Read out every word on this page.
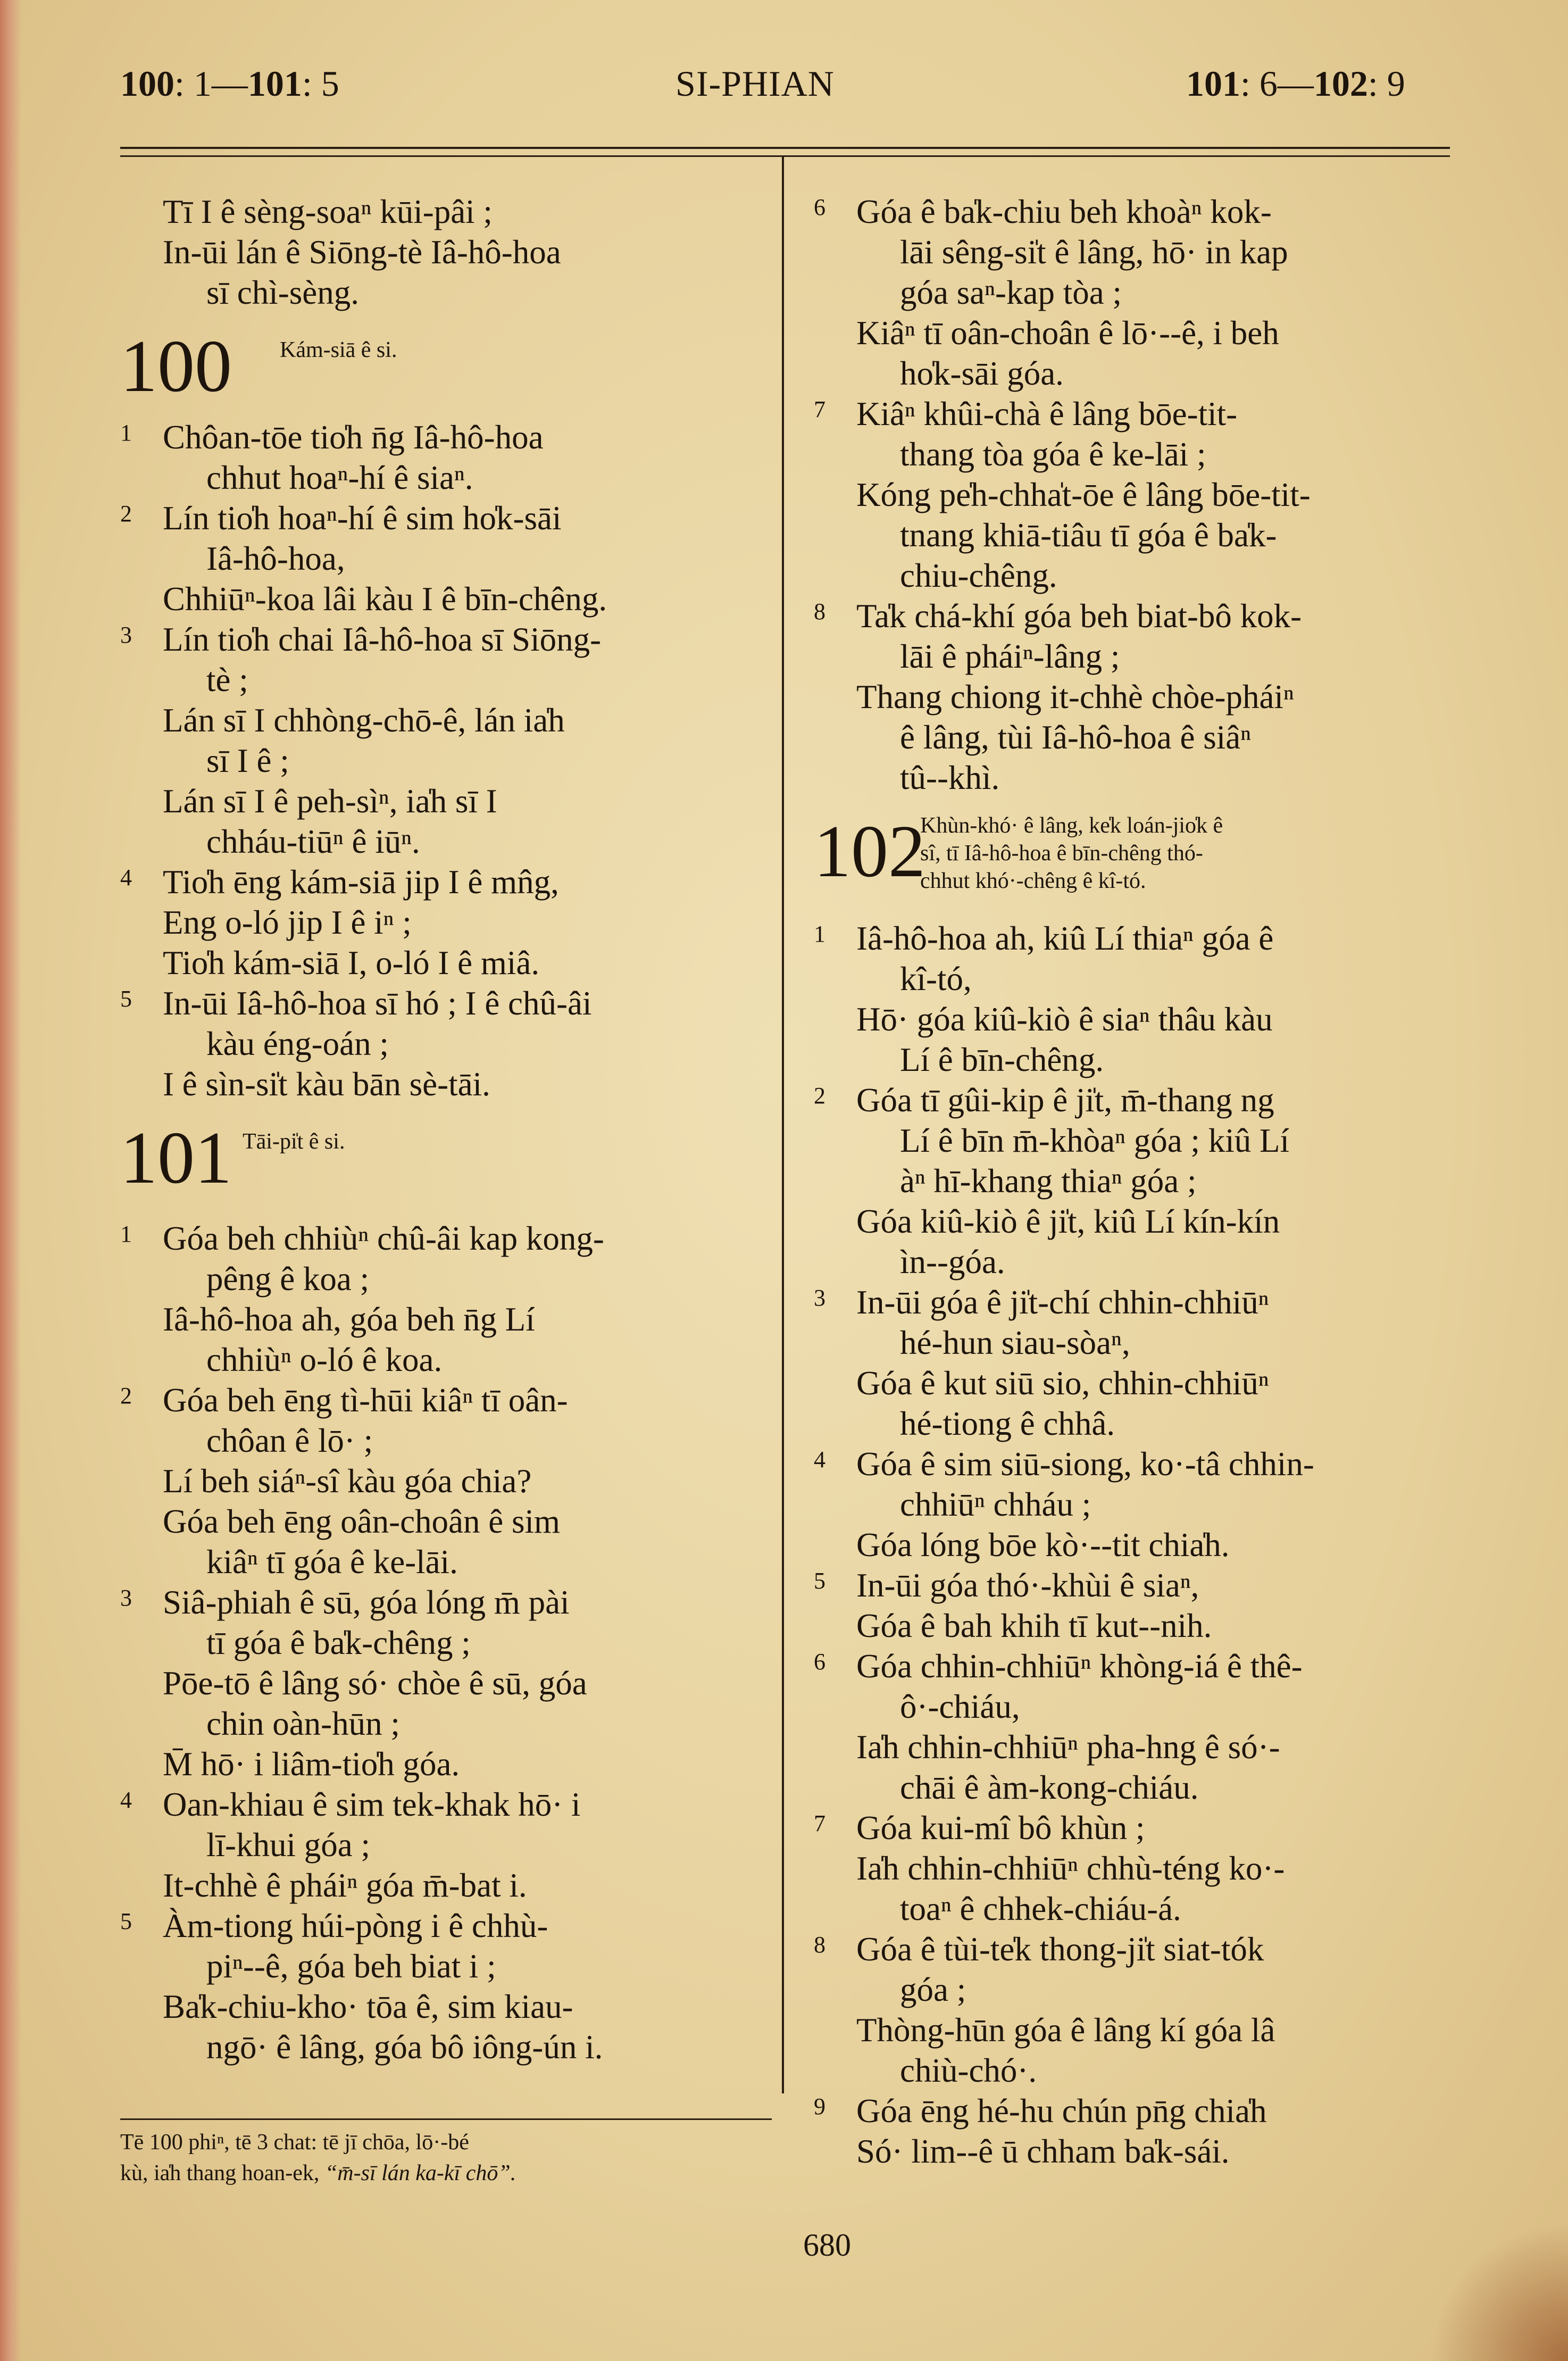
100: 1—101: 5	SI-PHIAN	101: 6—102: 9
Tī I ê sèng-soaⁿ kūi-pâi ;
In-ūi lán ê Siōng-tè Iâ-hô-hoa
sī chì-sèng.
100 Kám-siā ê si.
1 Chôan-tōe tio̍h n̄g Iâ-hô-hoa
chhut hoaⁿ-hí ê siaⁿ.
2 Lín tio̍h hoaⁿ-hí ê sim ho̍k-sāi
Iâ-hô-hoa,
Chhiūⁿ-koa lâi kàu I ê bīn-chêng.
3 Lín tio̍h chai Iâ-hô-hoa sī Siōng-
tè ;
Lán sī I chhòng-chō-ê, lán ia̍h
sī I ê ;
Lán sī I ê peh-sìⁿ, ia̍h sī I
chháu-tiūⁿ ê iūⁿ.
4 Tio̍h ēng kám-siā jip I ê mn̂g,
Eng o-ló jip I ê iⁿ ;
Tio̍h kám-siā I, o-ló I ê miâ.
5 In-ūi Iâ-hô-hoa sī hó ; I ê chû-âi
kàu éng-oán ;
I ê sìn-si̍t kàu bān sè-tāi.
101 Tāi-pi̍t ê si.
1 Góa beh chhiùⁿ chû-âi kap kong-
pêng ê koa ;
Iâ-hô-hoa ah, góa beh n̄g Lí
chhiùⁿ o-ló ê koa.
2 Góa beh ēng tì-hūi kiâⁿ tī oân-
chôan ê lō· ;
Lí beh siáⁿ-sî kàu góa chia?
Góa beh ēng oân-choân ê sim
kiâⁿ tī góa ê ke-lāi.
3 Siâ-phiah ê sū, góa lóng m̄ pài
tī góa ê ba̍k-chêng ;
Pōe-tō ê lâng só· chòe ê sū, góa
chin oàn-hūn ;
M̄ hō· i liâm-tio̍h góa.
4 Oan-khiau ê sim tek-khak hō· i
lī-khui góa ;
It-chhè ê pháiⁿ góa m̄-bat i.
5 Àm-tiong húi-pòng i ê chhù-
piⁿ--ê, góa beh biat i ;
Ba̍k-chiu-kho· tōa ê, sim kiau-
ngō· ê lâng, góa bô iông-ún i.
Tē 100 phiⁿ, tē 3 chat: tē jī chōa, lō·-bé
kù, ia̍h thang hoan-ek, “m̄-sī lán ka-kī chō”.
6 Góa ê ba̍k-chiu beh khoàⁿ kok-
lāi sêng-si̍t ê lâng, hō· in kap
góa saⁿ-kap tòa ;
Kiâⁿ tī oân-choân ê lō·--ê, i beh
ho̍k-sāi góa.
7 Kiâⁿ khûi-chà ê lâng bōe-tit-
thang tòa góa ê ke-lāi ;
Kóng pe̍h-chha̍t-ōe ê lâng bōe-tit-
tnang khiā-tiâu tī góa ê ba̍k-
chiu-chêng.
8 Ta̍k chá-khí góa beh biat-bô kok-
lāi ê pháiⁿ-lâng ;
Thang chiong it-chhè chòe-pháiⁿ
ê lâng, tùi Iâ-hô-hoa ê siâⁿ
tû--khì.
102
Khùn-khó· ê lâng, ke̍k loán-jio̍k ê
sî, tī Iâ-hô-hoa ê bīn-chêng thó-
chhut khó·-chêng ê kî-tó.
1 Iâ-hô-hoa ah, kiû Lí thiaⁿ góa ê
kî-tó,
Hō· góa kiû-kiò ê siaⁿ thâu kàu
Lí ê bīn-chêng.
2 Góa tī gûi-kip ê ji̍t, m̄-thang ng
Lí ê bīn m̄-khòaⁿ góa ; kiû Lí
àⁿ hī-khang thiaⁿ góa ;
Góa kiû-kiò ê ji̍t, kiû Lí kín-kín
ìn--góa.
3 In-ūi góa ê ji̍t-chí chhin-chhiūⁿ
hé-hun siau-sòaⁿ,
Góa ê kut siū sio, chhin-chhiūⁿ
hé-tiong ê chhâ.
4 Góa ê sim siū-siong, ko·-tâ chhin-
chhiūⁿ chháu ;
Góa lóng bōe kò·--tit chia̍h.
5 In-ūi góa thó·-khùi ê siaⁿ,
Góa ê bah khih tī kut--nih.
6 Góa chhin-chhiūⁿ khòng-iá ê thê-
ô·-chiáu,
Ia̍h chhin-chhiūⁿ pha-hng ê só·-
chāi ê àm-kong-chiáu.
7 Góa kui-mî bô khùn ;
Ia̍h chhin-chhiūⁿ chhù-téng ko·-
toaⁿ ê chhek-chiáu-á.
8 Góa ê tùi-te̍k thong-ji̍t siat-tók
góa ;
Thòng-hūn góa ê lâng kí góa lâ
chiù-chó·.
9 Góa ēng hé-hu chún pn̄g chia̍h
Só· lim--ê ū chham ba̍k-sái.
680
